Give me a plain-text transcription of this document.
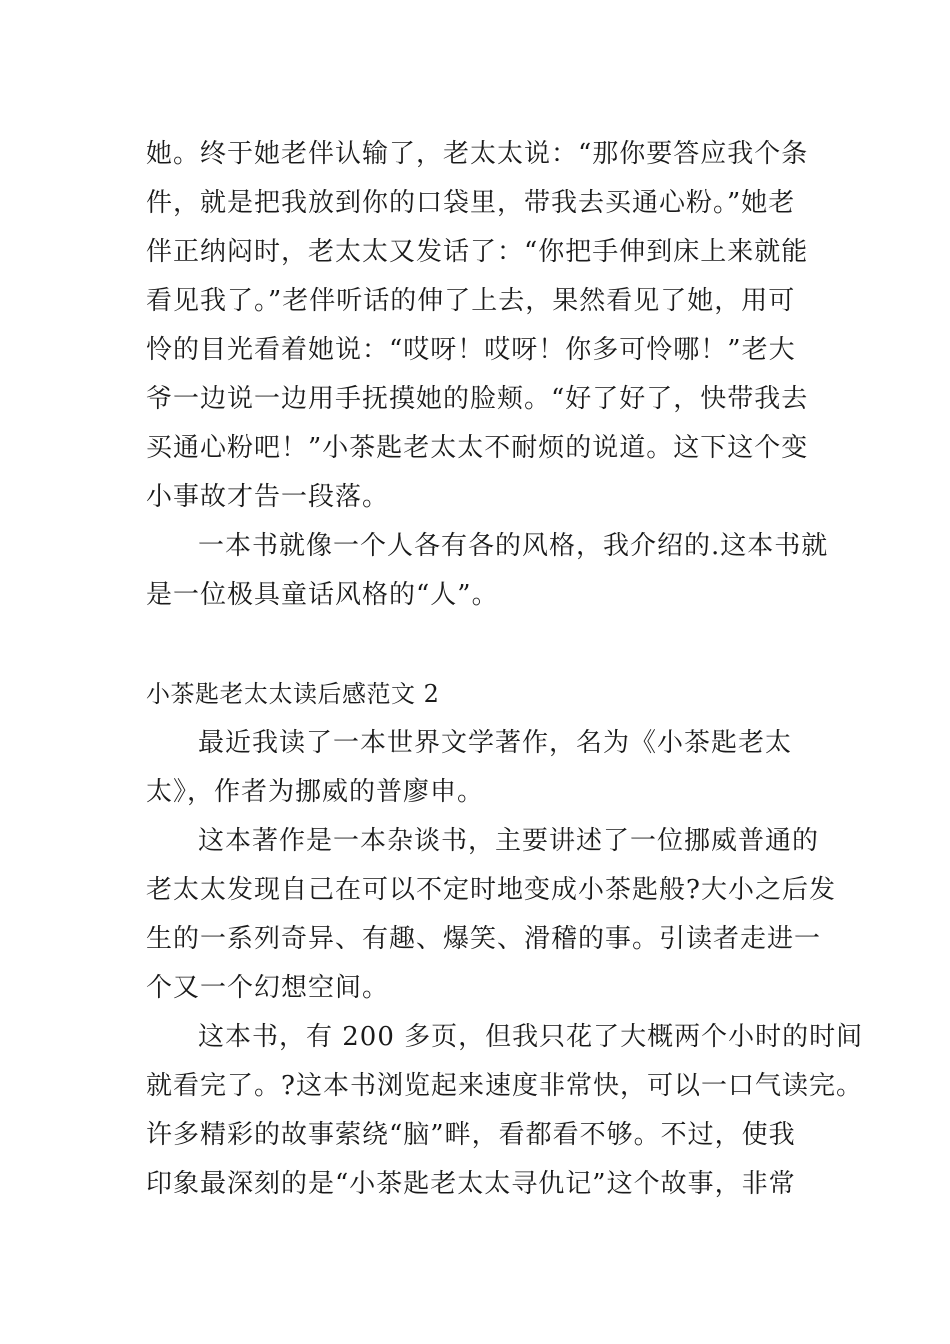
她。终于她老伴认输了，老太太说：“那你要答应我个条
件，就是把我放到你的口袋里，带我去买通心粉。”她老
伴正纳闷时，老太太又发话了：“你把手伸到床上来就能
看见我了。”老伴听话的伸了上去，果然看见了她，用可
怜的目光看着她说：“哎呀！哎呀！你多可怜哪！”老大
爷一边说一边用手抚摸她的脸颊。“好了好了，快带我去
买通心粉吧！”小茶匙老太太不耐烦的说道。这下这个变
小事故才告一段落。
一本书就像一个人各有各的风格，我介绍的.这本书就
是一位极具童话风格的“人”。
小茶匙老太太读后感范文 2
最近我读了一本世界文学著作，名为《小茶匙老太
太》，作者为挪威的普廖申。
这本著作是一本杂谈书，主要讲述了一位挪威普通的
老太太发现自己在可以不定时地变成小茶匙般?大小之后发
生的一系列奇异、有趣、爆笑、滑稽的事。引读者走进一
个又一个幻想空间。
这本书，有 200 多页，但我只花了大概两个小时的时间
就看完了。?这本书浏览起来速度非常快，可以一口气读完。
许多精彩的故事萦绕“脑”畔，看都看不够。不过，使我
印象最深刻的是“小茶匙老太太寻仇记”这个故事，非常
